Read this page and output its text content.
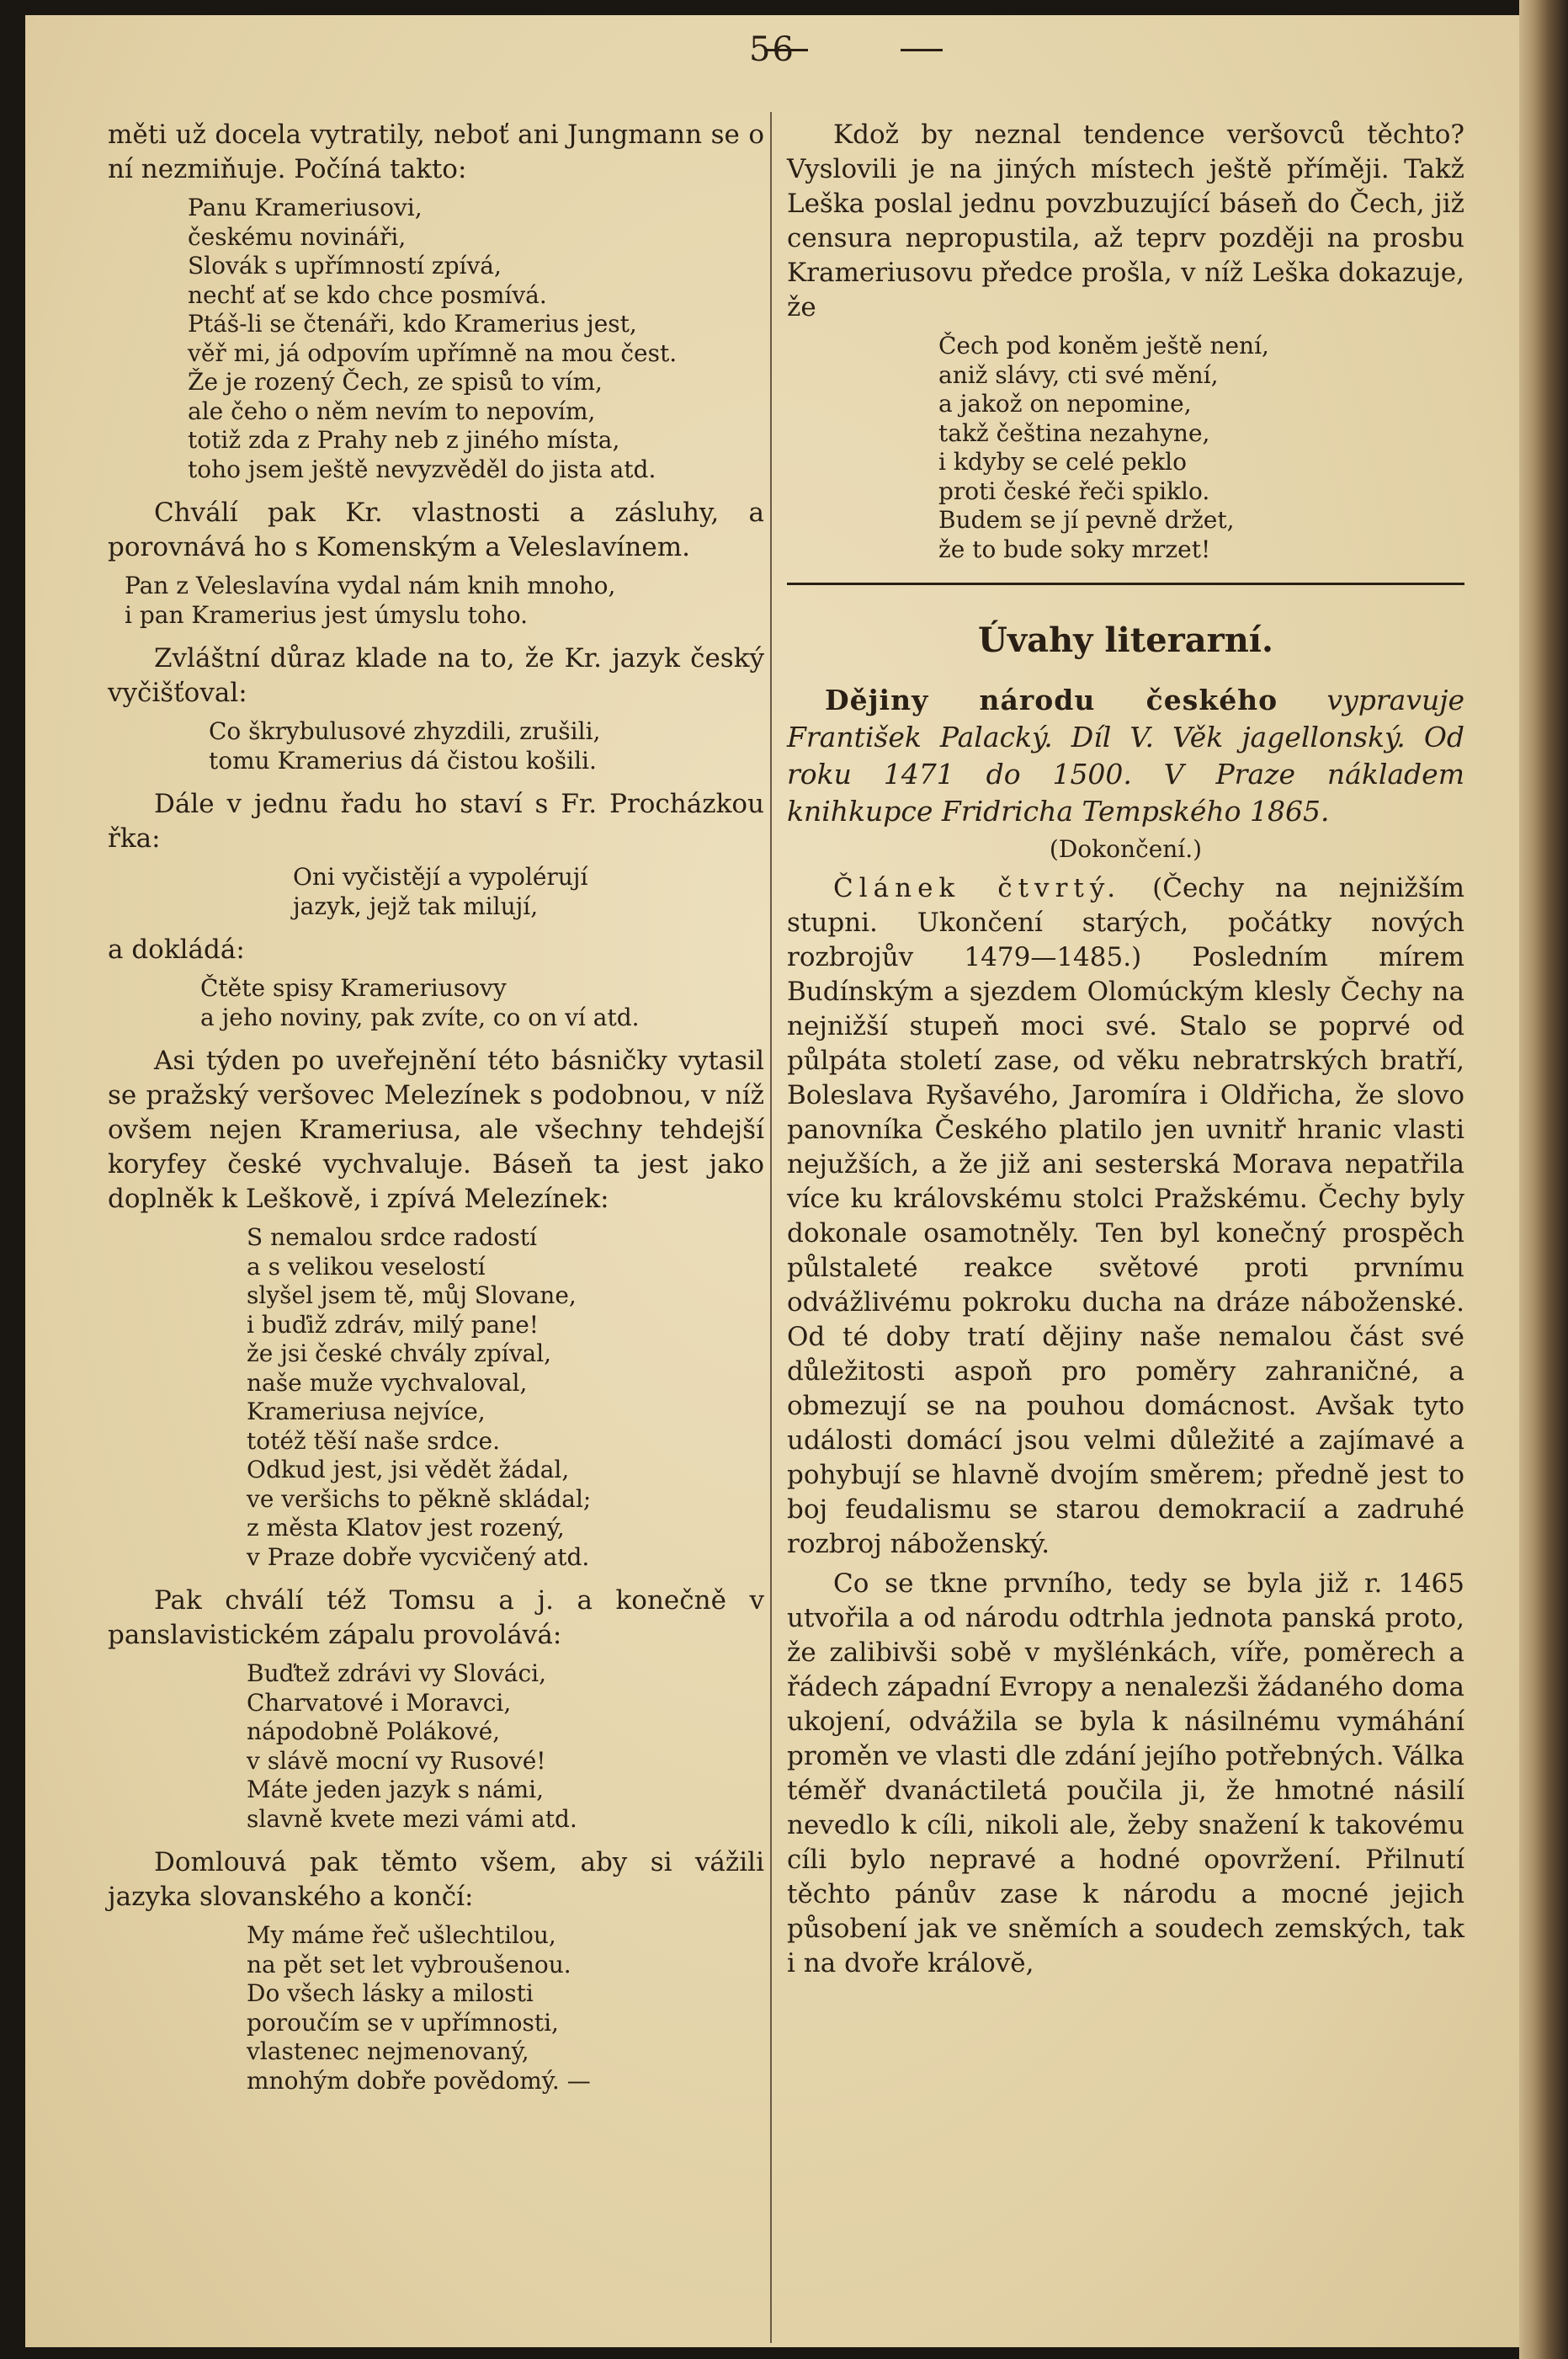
56

měti už docela vytratily, neboť ani Jungmann se o ní nezmiňuje. Počíná takto:

Panu Krameriusovi,
českému novináři,
Slovák s upřímností zpívá,
nechť ať se kdo chce posmívá.
Ptáš-li se čtenáři, kdo Kramerius jest,
věř mi, já odpovím upřímně na mou čest.
Že je rozený Čech, ze spisů to vím,
ale čeho o něm nevím to nepovím,
totiž zda z Prahy neb z jiného místa,
toho jsem ještě nevyzvěděl do jista atd.

Chválí pak Kr. vlastnosti a zásluhy, a porovnává ho s Komenským a Veleslavínem.

Pan z Veleslavína vydal nám knih mnoho,
i pan Kramerius jest úmyslu toho.

Zvláštní důraz klade na to, že Kr. jazyk český vyčišťoval:

Co škrybulusové zhyzdili, zrušili,
tomu Kramerius dá čistou košili.

Dále v jednu řadu ho staví s Fr. Procházkou řka:

Oni vyčistějí a vypolérují
jazyk, jejž tak milují,

a dokládá:

Čtěte spisy Krameriusovy
a jeho noviny, pak zvíte, co on ví atd.

Asi týden po uveřejnění této básničky vytasil se pražský veršovec Melezínek s podobnou, v níž ovšem nejen Krameriusa, ale všechny tehdejší koryfey české vychvaluje. Báseň ta jest jako doplněk k Leškově, i zpívá Melezínek:

S nemalou srdce radostí
a s velikou veselostí
slyšel jsem tě, můj Slovane,
i buďiž zdráv, milý pane!
že jsi české chvály zpíval,
naše muže vychvaloval,
Krameriusa nejvíce,
totéž těší naše srdce.
Odkud jest, jsi vědět žádal,
ve veršichs to pěkně skládal;
z města Klatov jest rozený,
v Praze dobře vycvičený atd.

Pak chválí též Tomsu a j. a konečně v panslavistickém zápalu provolává:

Buďtež zdrávi vy Slováci,
Charvatové i Moravci,
nápodobně Polákové,
v slávě mocní vy Rusové!
Máte jeden jazyk s námi,
slavně kvete mezi vámi atd.

Domlouvá pak těmto všem, aby si vážili jazyka slovanského a končí:

My máme řeč ušlechtilou,
na pět set let vybroušenou.
Do všech lásky a milosti
poroučím se v upřímnosti,
vlastenec nejmenovaný,
mnohým dobře povědomý. —

Kdož by neznal tendence veršovců těchto? Vyslovili je na jiných místech ještě příměji. Takž Leška poslal jednu povzbuzující báseň do Čech, již censura nepropustila, až teprv později na prosbu Krameriusovu předce prošla, v níž Leška dokazuje, že

Čech pod koněm ještě není,
aniž slávy, cti své mění,
a jakož on nepomine,
takž čeština nezahyne,
i kdyby se celé peklo
proti české řeči spiklo.
Budem se jí pevně držet,
že to bude soky mrzet!
Úvahy literarní.

Dějiny národu českého vypravuje František Palacký. Díl V. Věk jagellonský. Od roku 1471 do 1500. V Praze nákladem knihkupce Fridricha Tempského 1865.

(Dokončení.)

Článek čtvrtý. (Čechy na nejnižším stupni. Ukončení starých, počátky nových rozbrojův 1479—1485.) Posledním mírem Budínským a sjezdem Olomúckým klesly Čechy na nejnižší stupeň moci své. Stalo se poprvé od půlpáta století zase, od věku nebratrských bratří, Boleslava Ryšavého, Jaromíra i Oldřicha, že slovo panovníka Českého platilo jen uvnitř hranic vlasti nejužších, a že již ani sesterská Morava nepatřila více ku královskému stolci Pražskému. Čechy byly dokonale osamotněly. Ten byl konečný prospěch půlstaleté reakce světové proti prvnímu odvážlivému pokroku ducha na dráze náboženské. Od té doby tratí dějiny naše nemalou část své důležitosti aspoň pro poměry zahraničné, a obmezují se na pouhou domácnost. Avšak tyto události domácí jsou velmi důležité a zajímavé a pohybují se hlavně dvojím směrem; předně jest to boj feudalismu se starou demokracií a zadruhé rozbroj náboženský.

Co se tkne prvního, tedy se byla již r. 1465 utvořila a od národu odtrhla jednota panská proto, že zalibivši sobě v myšlénkách, víře, poměrech a řádech západní Evropy a nenalezši žádaného doma ukojení, odvážila se byla k násilnému vymáhání proměn ve vlasti dle zdání jejího potřebných. Válka téměř dvanáctiletá poučila ji, že hmotné násilí nevedlo k cíli, nikoli ale, žeby snažení k takovému cíli bylo nepravé a hodné opovržení. Přilnutí těchto pánův zase k národu a mocné jejich působení jak ve sněmích a soudech zemských, tak i na dvoře královĕ,
